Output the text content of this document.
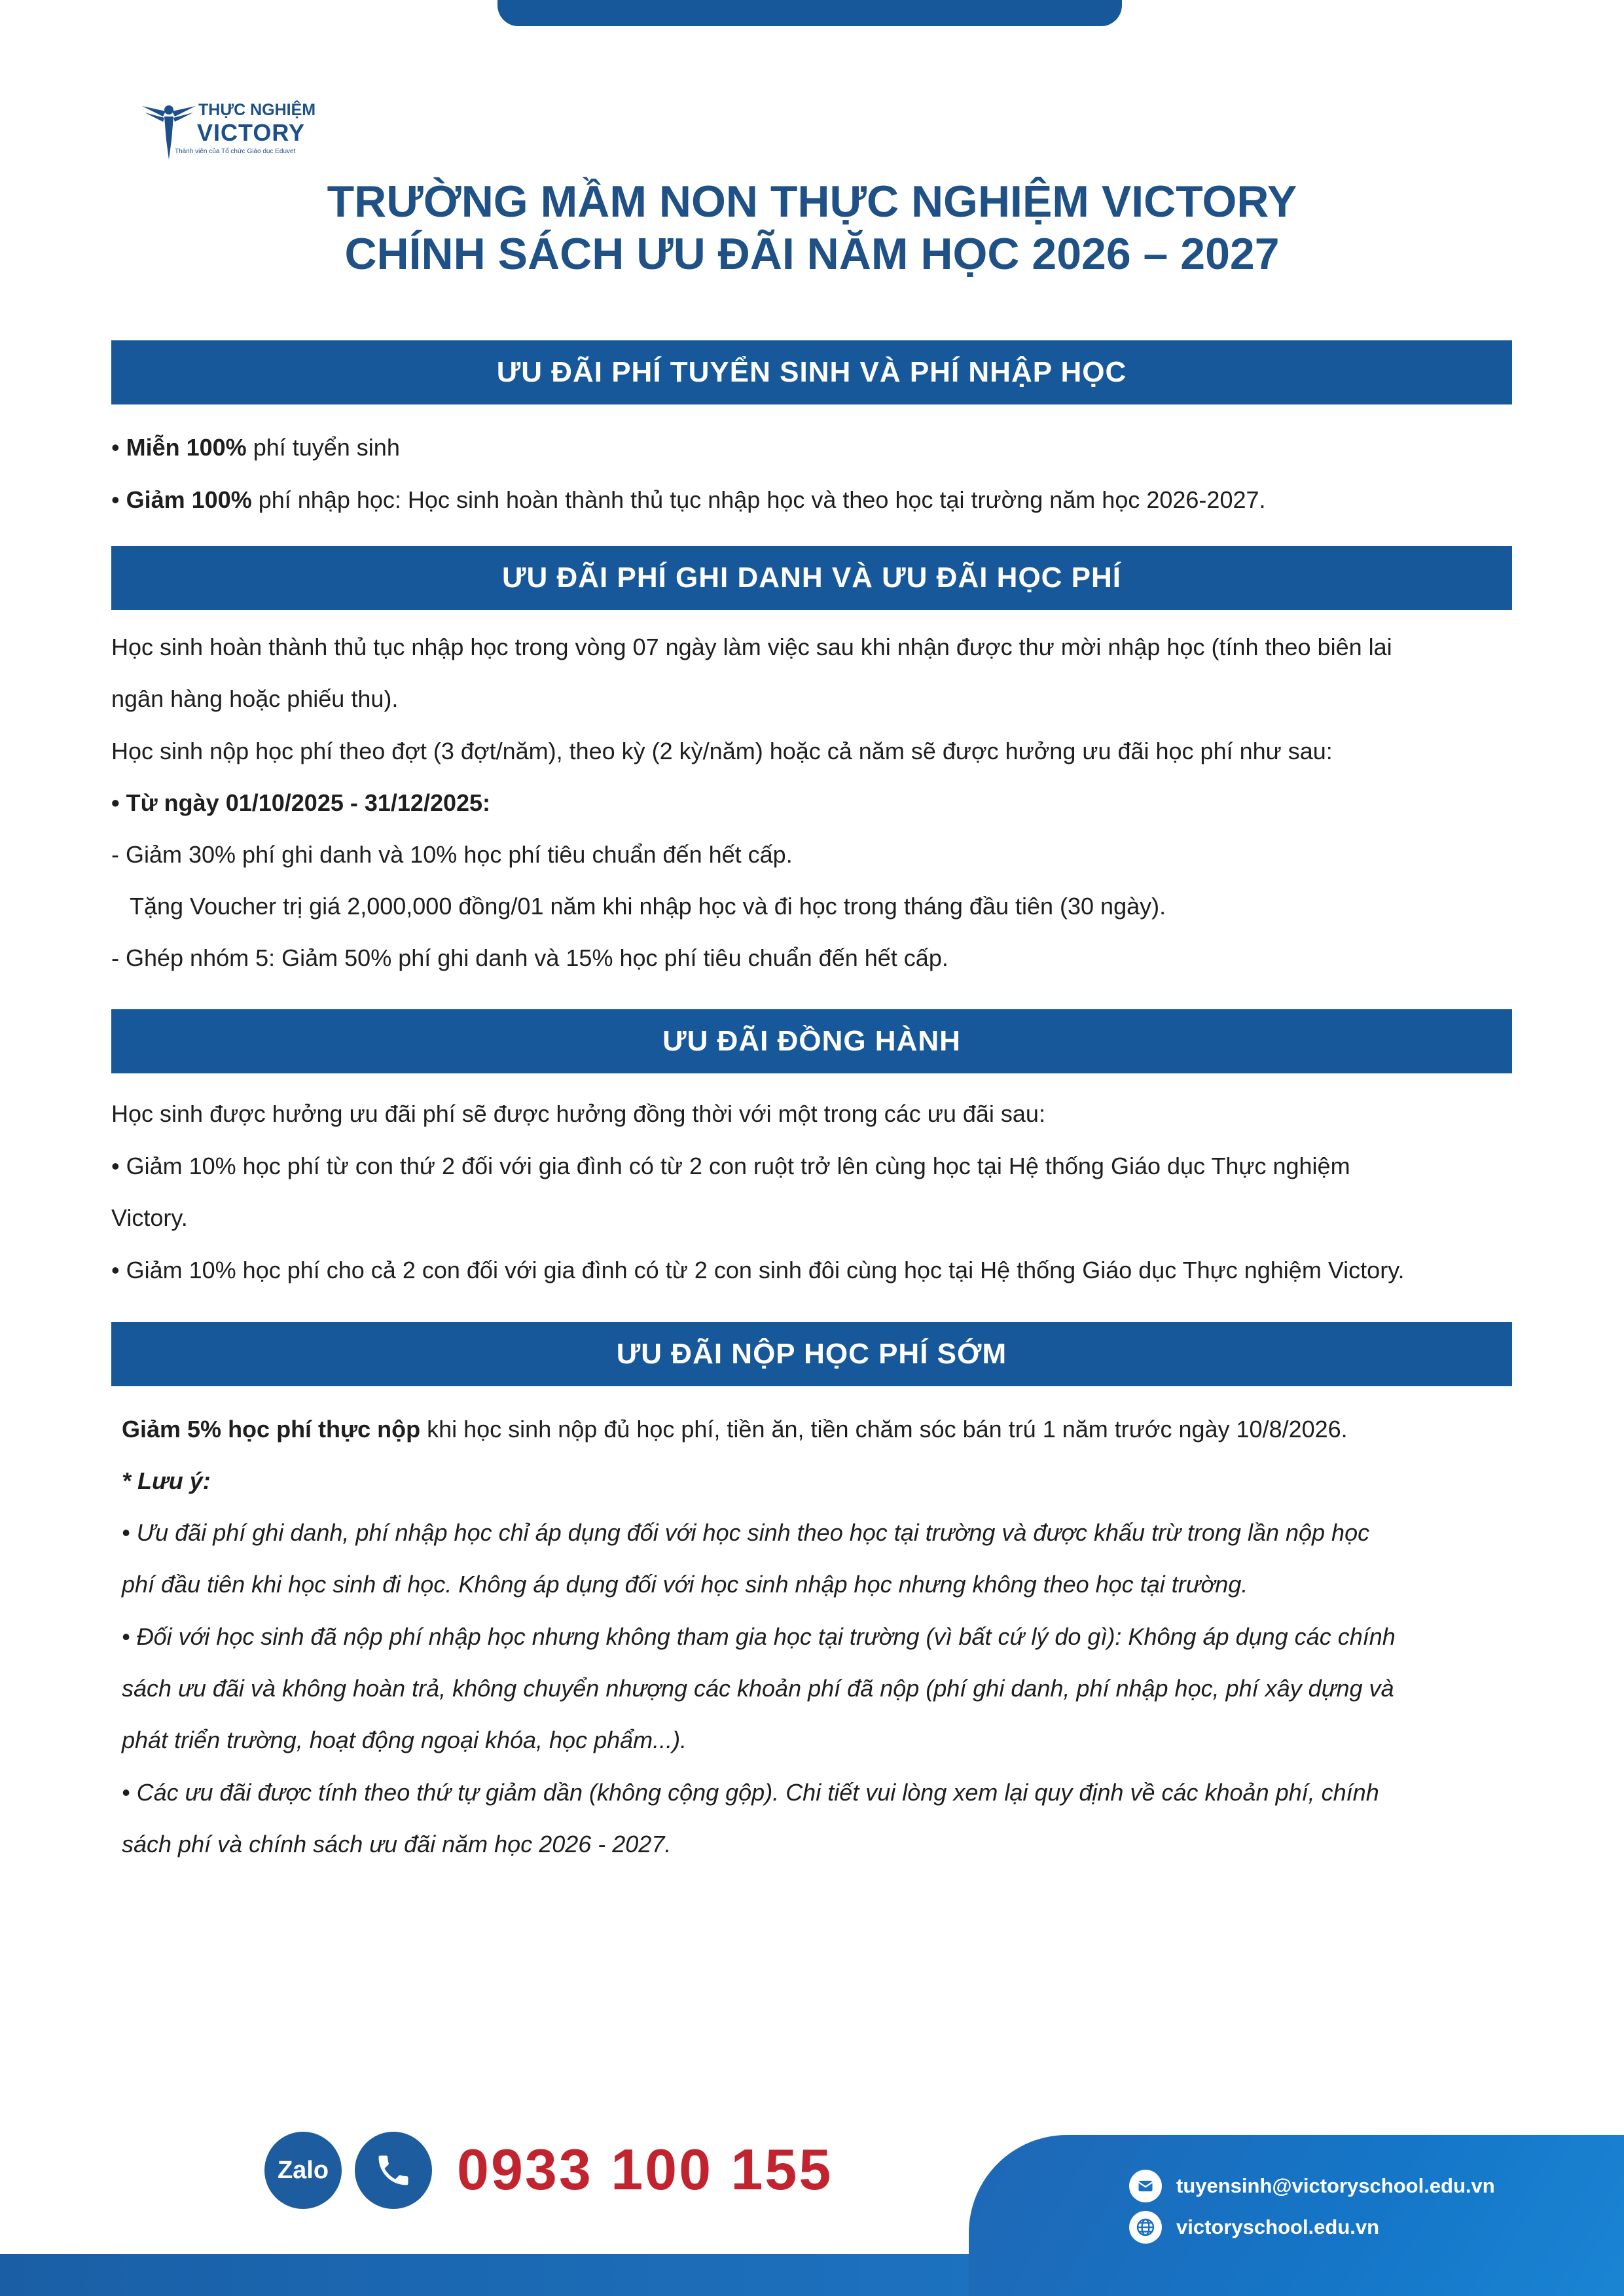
THỰC NGHIỆM
VICTORY
Thành viên của Tổ chức Giáo dục Eduvet
TRƯỜNG MẦM NON THỰC NGHIỆM VICTORY
CHÍNH SÁCH ƯU ĐÃI NĂM HỌC 2026 – 2027
ƯU ĐÃI PHÍ TUYỂN SINH VÀ PHÍ NHẬP HỌC
• Miễn 100% phí tuyển sinh
• Giảm 100% phí nhập học: Học sinh hoàn thành thủ tục nhập học và theo học tại trường năm học 2026-2027.
ƯU ĐÃI PHÍ GHI DANH VÀ ƯU ĐÃI HỌC PHÍ
Học sinh hoàn thành thủ tục nhập học trong vòng 07 ngày làm việc sau khi nhận được thư mời nhập học (tính theo biên lai
ngân hàng hoặc phiếu thu).
Học sinh nộp học phí theo đợt (3 đợt/năm), theo kỳ (2 kỳ/năm) hoặc cả năm sẽ được hưởng ưu đãi học phí như sau:
• Từ ngày 01/10/2025 - 31/12/2025:
- Giảm 30% phí ghi danh và 10% học phí tiêu chuẩn đến hết cấp.
Tặng Voucher trị giá 2,000,000 đồng/01 năm khi nhập học và đi học trong tháng đầu tiên (30 ngày).
- Ghép nhóm 5: Giảm 50% phí ghi danh và 15% học phí tiêu chuẩn đến hết cấp.
ƯU ĐÃI ĐỒNG HÀNH
Học sinh được hưởng ưu đãi phí sẽ được hưởng đồng thời với một trong các ưu đãi sau:
• Giảm 10% học phí từ con thứ 2 đối với gia đình có từ 2 con ruột trở lên cùng học tại Hệ thống Giáo dục Thực nghiệm
Victory.
• Giảm 10% học phí cho cả 2 con đối với gia đình có từ 2 con sinh đôi cùng học tại Hệ thống Giáo dục Thực nghiệm Victory.
ƯU ĐÃI NỘP HỌC PHÍ SỚM
Giảm 5% học phí thực nộp khi học sinh nộp đủ học phí, tiền ăn, tiền chăm sóc bán trú 1 năm trước ngày 10/8/2026.
* Lưu ý:
• Ưu đãi phí ghi danh, phí nhập học chỉ áp dụng đối với học sinh theo học tại trường và được khấu trừ trong lần nộp học
phí đầu tiên khi học sinh đi học. Không áp dụng đối với học sinh nhập học nhưng không theo học tại trường.
• Đối với học sinh đã nộp phí nhập học nhưng không tham gia học tại trường (vì bất cứ lý do gì): Không áp dụng các chính
sách ưu đãi và không hoàn trả, không chuyển nhượng các khoản phí đã nộp (phí ghi danh, phí nhập học, phí xây dựng và
phát triển trường, hoạt động ngoại khóa, học phẩm...).
• Các ưu đãi được tính theo thứ tự giảm dần (không cộng gộp). Chi tiết vui lòng xem lại quy định về các khoản phí, chính
sách phí và chính sách ưu đãi năm học 2026 - 2027.
Zalo 0933 100 155	tuyensinh@victoryschool.edu.vn
victoryschool.edu.vn
